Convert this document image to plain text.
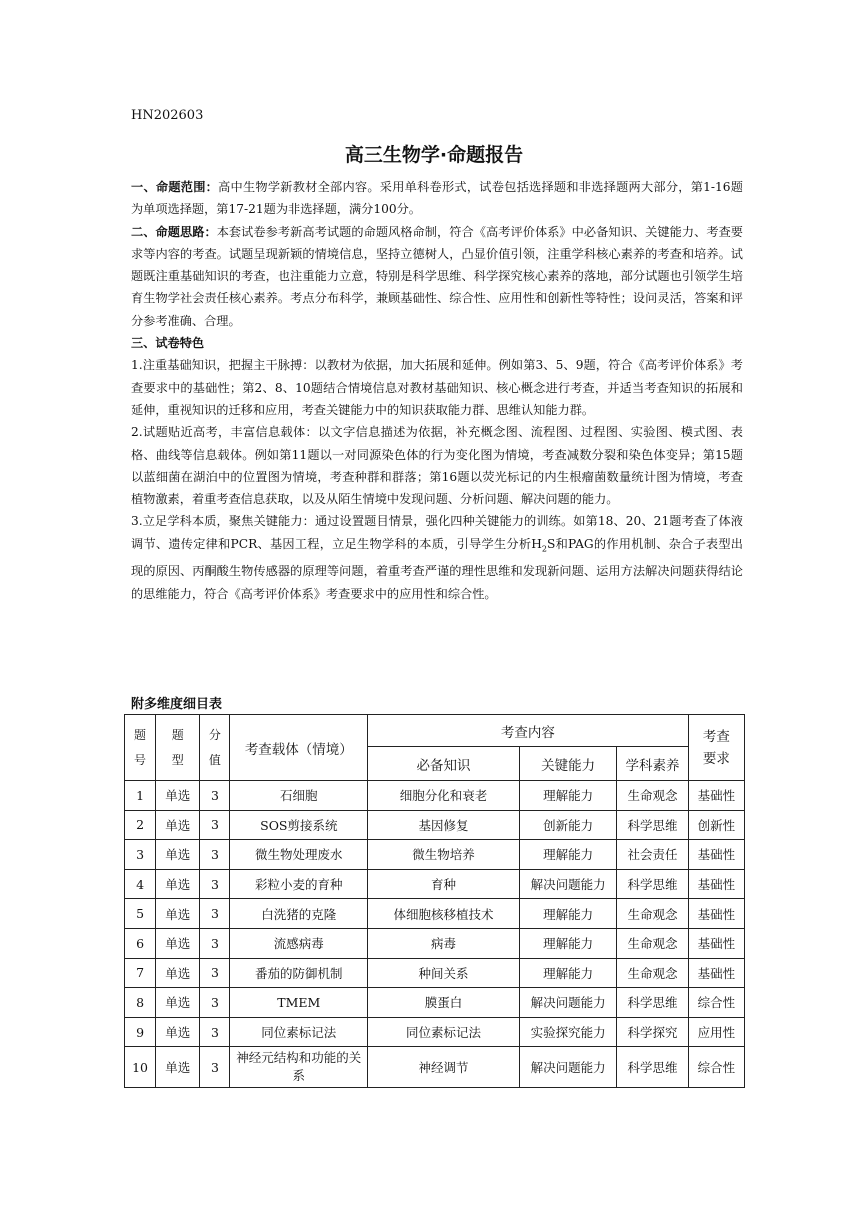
HN202603
高三生物学·命题报告

一、命题范围：高中生物学新教材全部内容。采用单科卷形式，试卷包括选择题和非选择题两大部分，第1-16题为单项选择题，第17-21题为非选择题，满分100分。

二、命题思路：本套试卷参考新高考试题的命题风格命制，符合《高考评价体系》中必备知识、关键能力、考查要求等内容的考查。试题呈现新颖的情境信息，坚持立德树人，凸显价值引领，注重学科核心素养的考查和培养。试题既注重基础知识的考查，也注重能力立意，特别是科学思维、科学探究核心素养的落地，部分试题也引领学生培育生物学社会责任核心素养。考点分布科学，兼顾基础性、综合性、应用性和创新性等特性；设问灵活，答案和评分参考准确、合理。

三、试卷特色

1.注重基础知识，把握主干脉搏：以教材为依据，加大拓展和延伸。例如第3、5、9题，符合《高考评价体系》考查要求中的基础性；第2、8、10题结合情境信息对教材基础知识、核心概念进行考查，并适当考查知识的拓展和延伸，重视知识的迁移和应用，考查关键能力中的知识获取能力群、思维认知能力群。

2.试题贴近高考，丰富信息载体：以文字信息描述为依据，补充概念图、流程图、过程图、实验图、模式图、表格、曲线等信息载体。例如第11题以一对同源染色体的行为变化图为情境，考查减数分裂和染色体变异；第15题以蓝细菌在湖泊中的位置图为情境，考查种群和群落；第16题以荧光标记的内生根瘤菌数量统计图为情境，考查植物激素，着重考查信息获取，以及从陌生情境中发现问题、分析问题、解决问题的能力。

3.立足学科本质，聚焦关键能力：通过设置题目情景，强化四种关键能力的训练。如第18、20、21题考查了体液调节、遗传定律和PCR、基因工程，立足生物学科的本质，引导学生分析$H_2S$和PAG的作用机制、杂合子表型出现的原因、丙酮酸生物传感器的原理等问题，着重考查严谨的理性思维和发现新问题、运用方法解决问题获得结论的思维能力，符合《高考评价体系》考查要求中的应用性和综合性。

附多维度细目表
题号	题型	分值	考查载体（情境）	考查内容			考查要求
				必备知识	关键能力	学科素养	
1	单选	3	石细胞	细胞分化和衰老	理解能力	生命观念	基础性
2	单选	3	SOS剪接系统	基因修复	创新能力	科学思维	创新性
3	单选	3	微生物处理废水	微生物培养	理解能力	社会责任	基础性
4	单选	3	彩粒小麦的育种	育种	解决问题能力	科学思维	基础性
5	单选	3	白洗猪的克隆	体细胞核移植技术	理解能力	生命观念	基础性
6	单选	3	流感病毒	病毒	理解能力	生命观念	基础性
7	单选	3	番茄的防御机制	种间关系	理解能力	生命观念	基础性
8	单选	3	TMEM	膜蛋白	解决问题能力	科学思维	综合性
9	单选	3	同位素标记法	同位素标记法	实验探究能力	科学探究	应用性
10	单选	3	神经元结构和功能的关系	神经调节	解决问题能力	科学思维	综合性
